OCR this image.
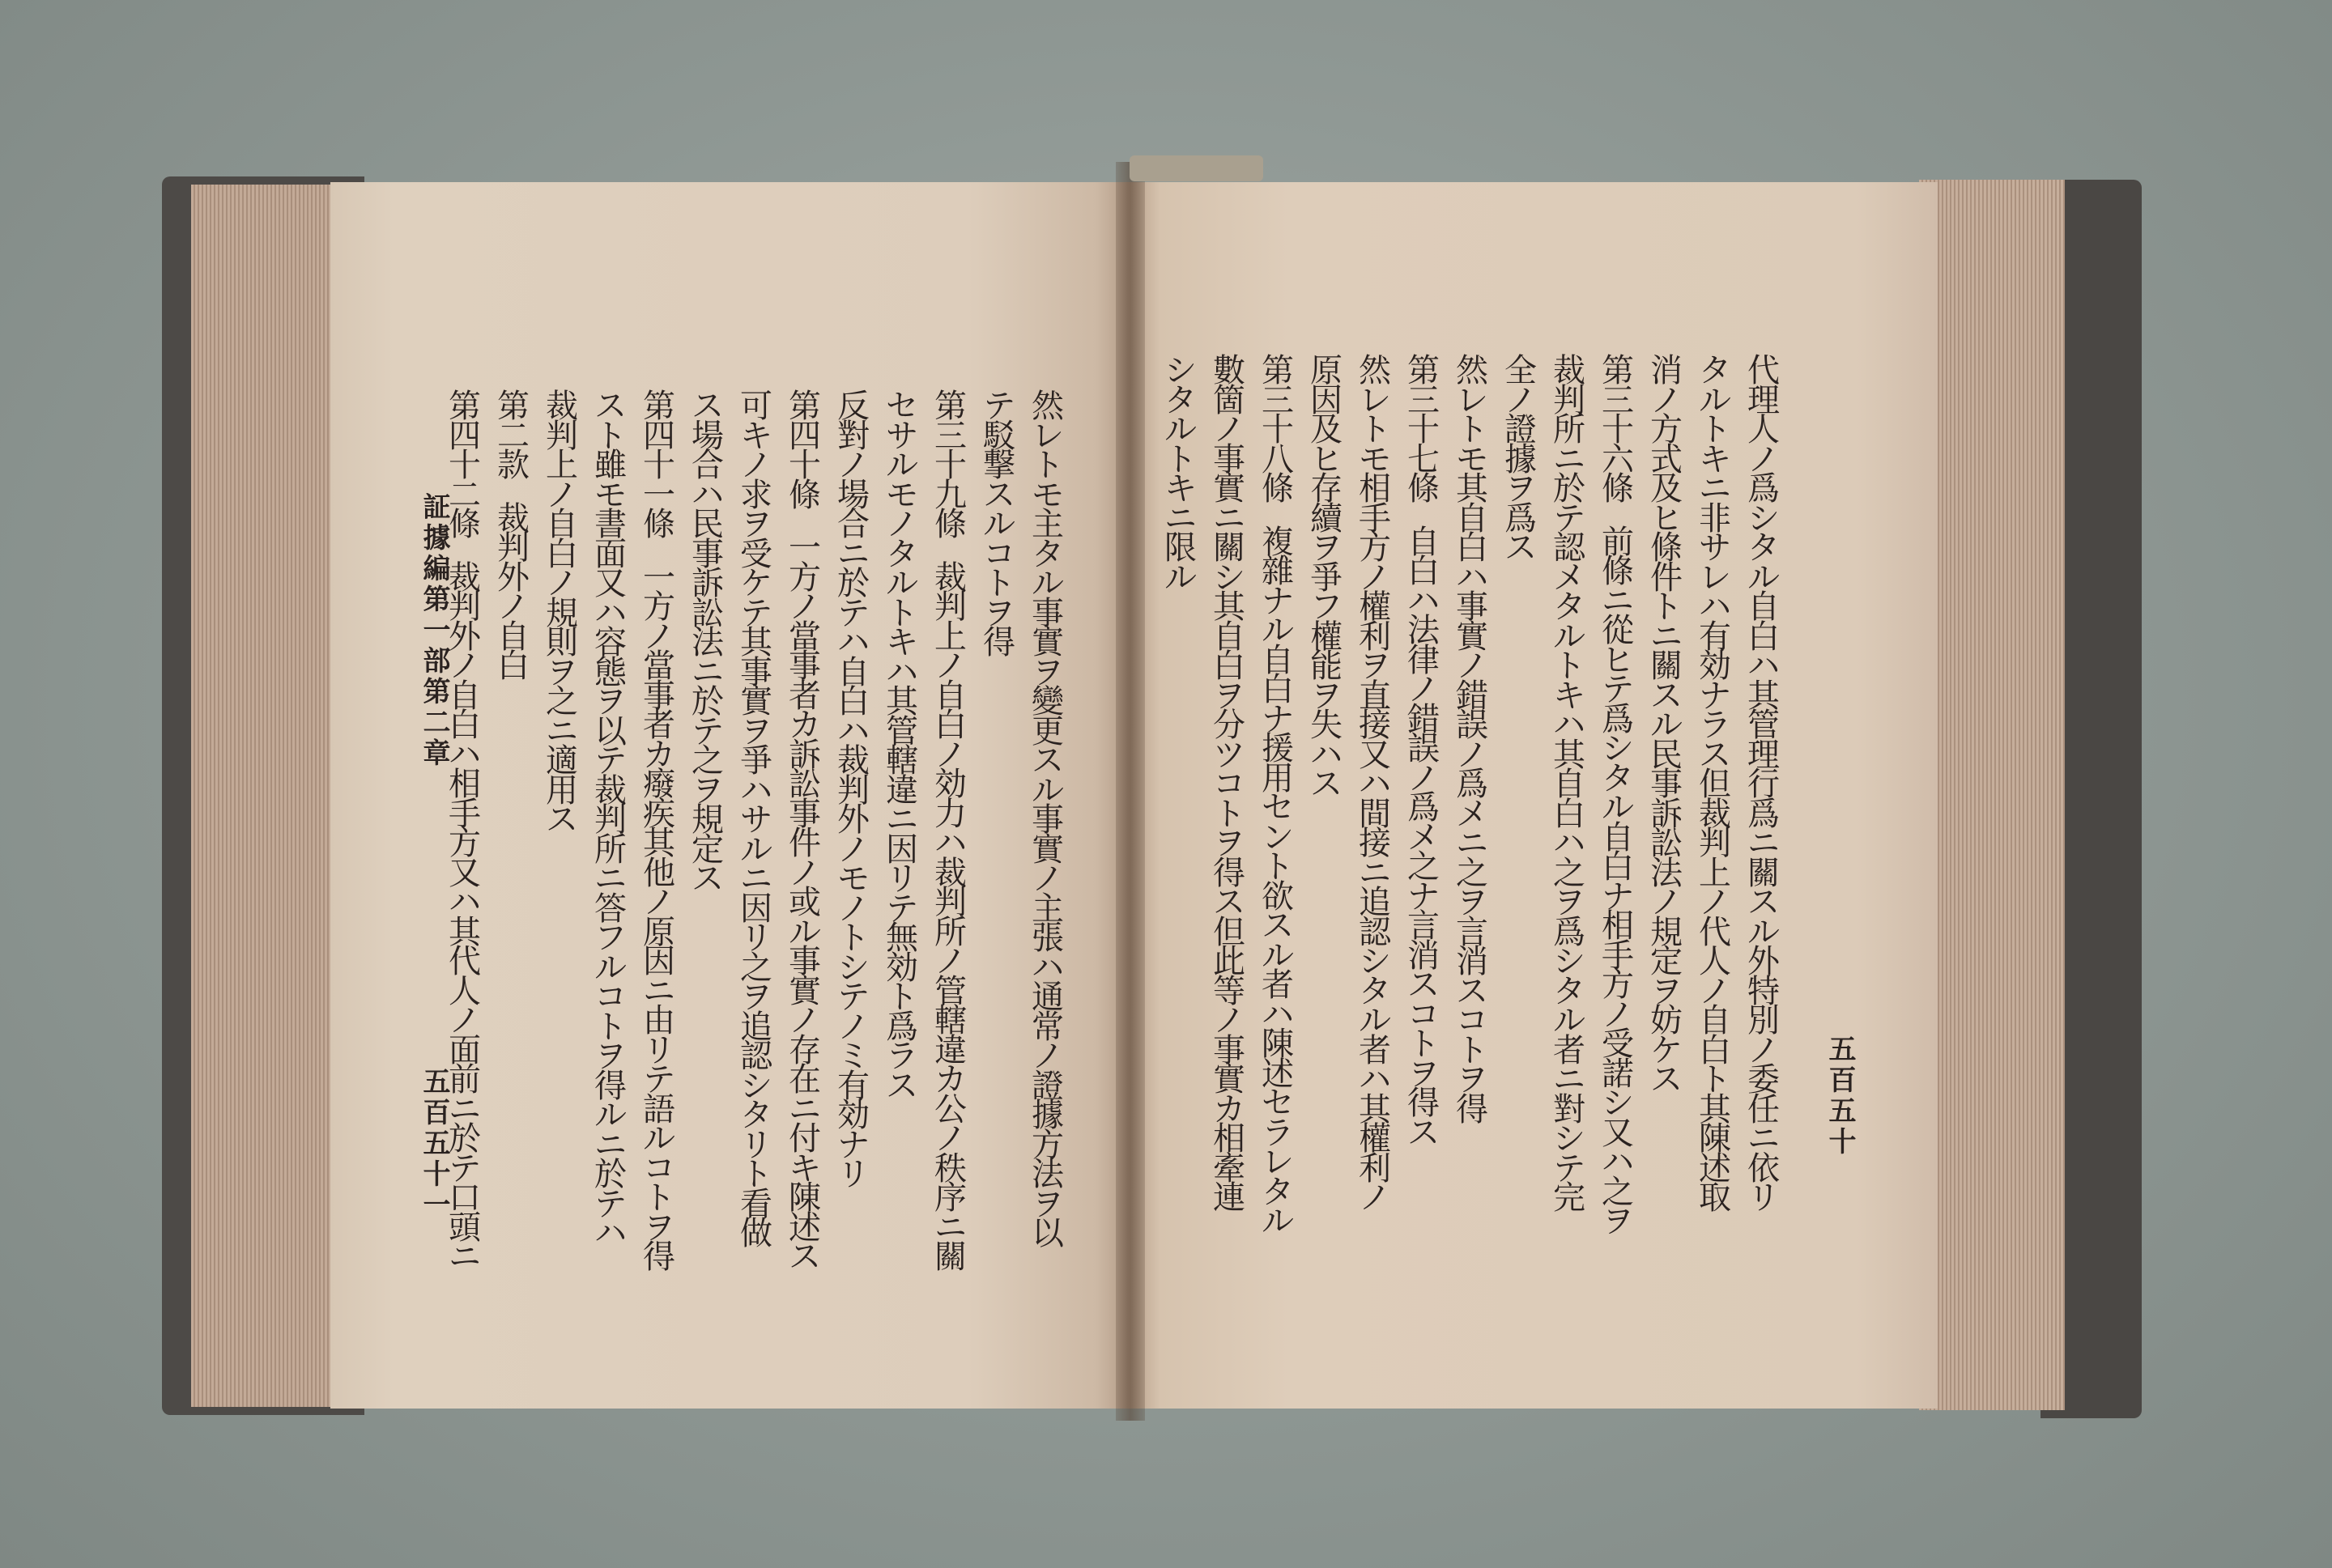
然
レ
ト
モ
主
タ
ル
事
實
ヲ
變
更
ス
ル
事
實
ノ
主
張
ハ
通
常
ノ
證
據
方
法
ヲ
以
テ
駁
撃
ス
ル
コ
ト
ヲ
得
第
三
十
九
條
裁
判
上
ノ
自
白
ノ
効
力
ハ
裁
判
所
ノ
管
轄
違
カ
公
ノ
秩
序
ニ
關
セ
サ
ル
モ
ノ
タ
ル
ト
キ
ハ
其
管
轄
違
ニ
因
リ
テ
無
効
ト
爲
ラ
ス
反
對
ノ
場
合
ニ
於
テ
ハ
自
白
ハ
裁
判
外
ノ
モ
ノ
ト
シ
テ
ノ
ミ
有
効
ナ
リ
第
四
十
條
一
方
ノ
當
事
者
カ
訴
訟
事
件
ノ
或
ル
事
實
ノ
存
在
ニ
付
キ
陳
述
ス
可
キ
ノ
求
ヲ
受
ケ
テ
其
事
實
ヲ
爭
ハ
サ
ル
ニ
因
リ
之
ヲ
追
認
シ
タ
リ
ト
看
做
ス
場
合
ハ
民
事
訴
訟
法
ニ
於
テ
之
ヲ
規
定
ス
第
四
十
一
條
一
方
ノ
當
事
者
カ
癈
疾
其
他
ノ
原
因
ニ
由
リ
テ
語
ル
コ
ト
ヲ
得
ス
ト
雖
モ
書
面
又
ハ
容
態
ヲ
以
テ
裁
判
所
ニ
答
フ
ル
コ
ト
ヲ
得
ル
ニ
於
テ
ハ
裁
判
上
ノ
自
白
ノ
規
則
ヲ
之
ニ
適
用
ス
第
二
款
裁
判
外
ノ
自
白
第
四
十
二
條
裁
判
外
ノ
自
白
ハ
相
手
方
又
ハ
其
代
人
ノ
面
前
ニ
於
テ
口
頭
ニ
代
理
人
ノ
爲
シ
タ
ル
自
白
ハ
其
管
理
行
爲
ニ
關
ス
ル
外
特
別
ノ
委
任
ニ
依
リ
タ
ル
ト
キ
ニ
非
サ
レ
ハ
有
効
ナ
ラ
ス
但
裁
判
上
ノ
代
人
ノ
自
白
ト
其
陳
述
取
消
ノ
方
式
及
ヒ
條
件
ト
ニ
關
ス
ル
民
事
訴
訟
法
ノ
規
定
ヲ
妨
ケ
ス
第
三
十
六
條
前
條
ニ
從
ヒ
テ
爲
シ
タ
ル
自
白
ナ
相
手
方
ノ
受
諾
シ
又
ハ
之
ヲ
裁
判
所
ニ
於
テ
認
メ
タ
ル
ト
キ
ハ
其
自
白
ハ
之
ヲ
爲
シ
タ
ル
者
ニ
對
シ
テ
完
全
ノ
證
據
ヲ
爲
ス
然
レ
ト
モ
其
自
白
ハ
事
實
ノ
錯
誤
ノ
爲
メ
ニ
之
ヲ
言
消
ス
コ
ト
ヲ
得
第
三
十
七
條
自
白
ハ
法
律
ノ
錯
誤
ノ
爲
メ
之
ナ
言
消
ス
コ
ト
ヲ
得
ス
然
レ
ト
モ
相
手
方
ノ
權
利
ヲ
直
接
又
ハ
間
接
ニ
追
認
シ
タ
ル
者
ハ
其
權
利
ノ
原
因
及
ヒ
存
續
ヲ
爭
フ
權
能
ヲ
失
ハ
ス
第
三
十
八
條
複
雜
ナ
ル
自
白
ナ
援
用
セ
ン
ト
欲
ス
ル
者
ハ
陳
述
セ
ラ
レ
タ
ル
數
箇
ノ
事
實
ニ
關
シ
其
自
白
ヲ
分
ツ
コ
ト
ヲ
得
ス
但
此
等
ノ
事
實
カ
相
牽
連
シ
タ
ル
ト
キ
ニ
限
ル
証據編第一部第二章
五百五十一	五百五十
